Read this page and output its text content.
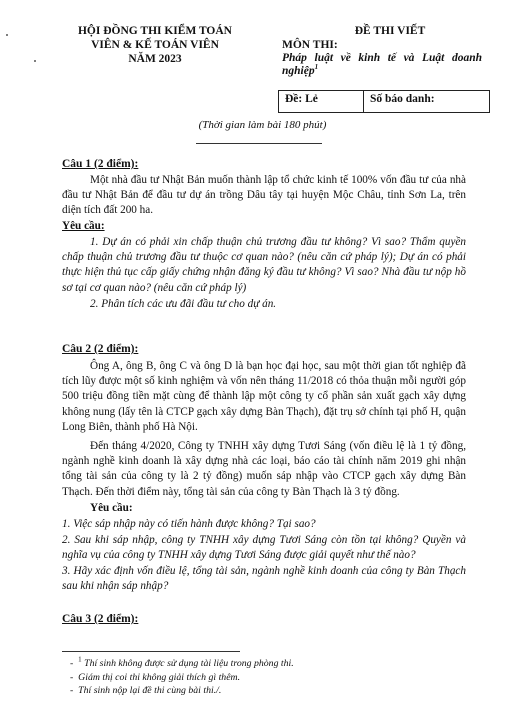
HỘI ĐỒNG THI KIỂM TOÁN
VIÊN & KẾ TOÁN VIÊN
NĂM 2023
ĐỀ THI VIẾT
MÔN THI:
Pháp luật về kinh tế và Luật doanh
nghiệp$^1$
Đề: Lẻ	Số báo danh:
(Thời gian làm bài 180 phút)
Câu 1 (2 điểm):
Một nhà đầu tư Nhật Bản muốn thành lập tổ chức kinh tế 100% vốn đầu tư của nhà đầu tư Nhật Bản để đầu tư dự án trồng Dâu tây tại huyện Mộc Châu, tỉnh Sơn La, trên diện tích đất 200 ha.
Yêu cầu:
1. Dự án có phải xin chấp thuận chủ trương đầu tư không? Vì sao? Thẩm quyền chấp thuận chủ trương đầu tư thuộc cơ quan nào? (nêu căn cứ pháp lý); Dự án có phải thực hiện thủ tục cấp giấy chứng nhận đăng ký đầu tư không? Vì sao? Nhà đầu tư nộp hồ sơ tại cơ quan nào? (nêu căn cứ pháp lý)
2. Phân tích các ưu đãi đầu tư cho dự án.
Câu 2 (2 điểm):
Ông A, ông B, ông C và ông D là bạn học đại học, sau một thời gian tốt nghiệp đã tích lũy được một số kinh nghiệm và vốn nên tháng 11/2018 có thỏa thuận mỗi người góp 500 triệu đồng tiền mặt cùng để thành lập một công ty cổ phần sản xuất gạch xây dựng không nung (lấy tên là CTCP gạch xây dựng Bàn Thạch), đặt trụ sở chính tại phố H, quận Long Biên, thành phố Hà Nội.
Đến tháng 4/2020, Công ty TNHH xây dựng Tươi Sáng (vốn điều lệ là 1 tỷ đồng, ngành nghề kinh doanh là xây dựng nhà các loại, báo cáo tài chính năm 2019 ghi nhận tổng tài sản của công ty là 2 tỷ đồng) muốn sáp nhập vào CTCP gạch xây dựng Bàn Thạch. Đến thời điểm này, tổng tài sản của công ty Bàn Thạch là 3 tỷ đồng.
Yêu cầu:
1. Việc sáp nhập này có tiến hành được không? Tại sao?
2. Sau khi sáp nhập, công ty TNHH xây dựng Tươi Sáng còn tồn tại không? Quyền và nghĩa vụ của công ty TNHH xây dựng Tươi Sáng được giải quyết như thế nào?
3. Hãy xác định vốn điều lệ, tổng tài sản, ngành nghề kinh doanh của công ty Bàn Thạch sau khi nhận sáp nhập?
Câu 3 (2 điểm):
-  $^1$ Thí sinh không được sử dụng tài liệu trong phòng thi.
-  Giám thị coi thi không giải thích gì thêm.
-  Thí sinh nộp lại đề thi cùng bài thi./.
